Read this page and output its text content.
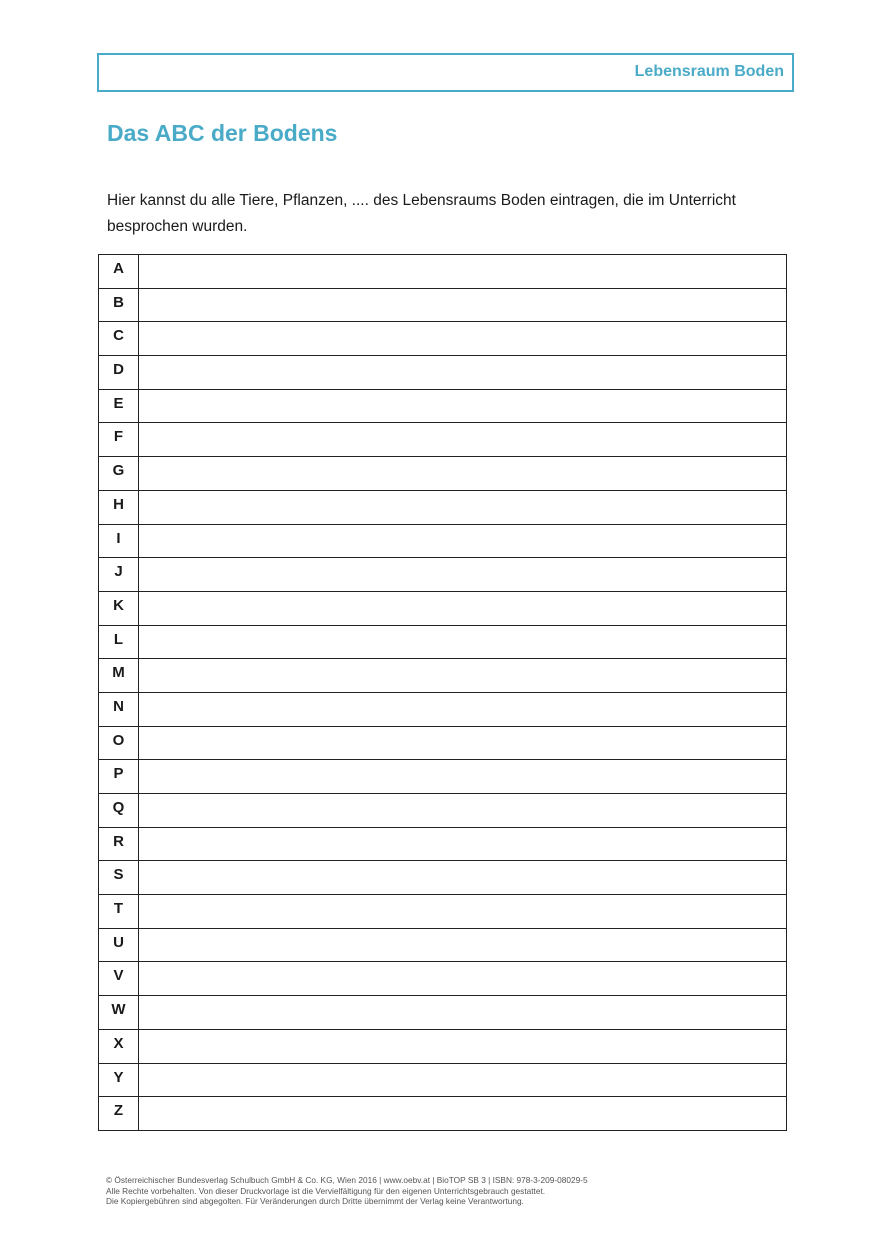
Lebensraum Boden
Das ABC der Bodens

Hier kannst du alle Tiere, Pflanzen, .... des Lebensraums Boden eintragen, die im Unterricht besprochen wurden.

A	
B	
C	
D	
E	
F	
G	
H	
I	
J	
K	
L	
M	
N	
O	
P	
Q	
R	
S	
T	
U	
V	
W	
X	
Y	
Z	
© Österreichischer Bundesverlag Schulbuch GmbH & Co. KG, Wien 2016 | www.oebv.at | BioTOP SB 3 | ISBN: 978-3-209-08029-5
Alle Rechte vorbehalten. Von dieser Druckvorlage ist die Vervielfältigung für den eigenen Unterrichtsgebrauch gestattet.
Die Kopiergebühren sind abgegolten. Für Veränderungen durch Dritte übernimmt der Verlag keine Verantwortung.
